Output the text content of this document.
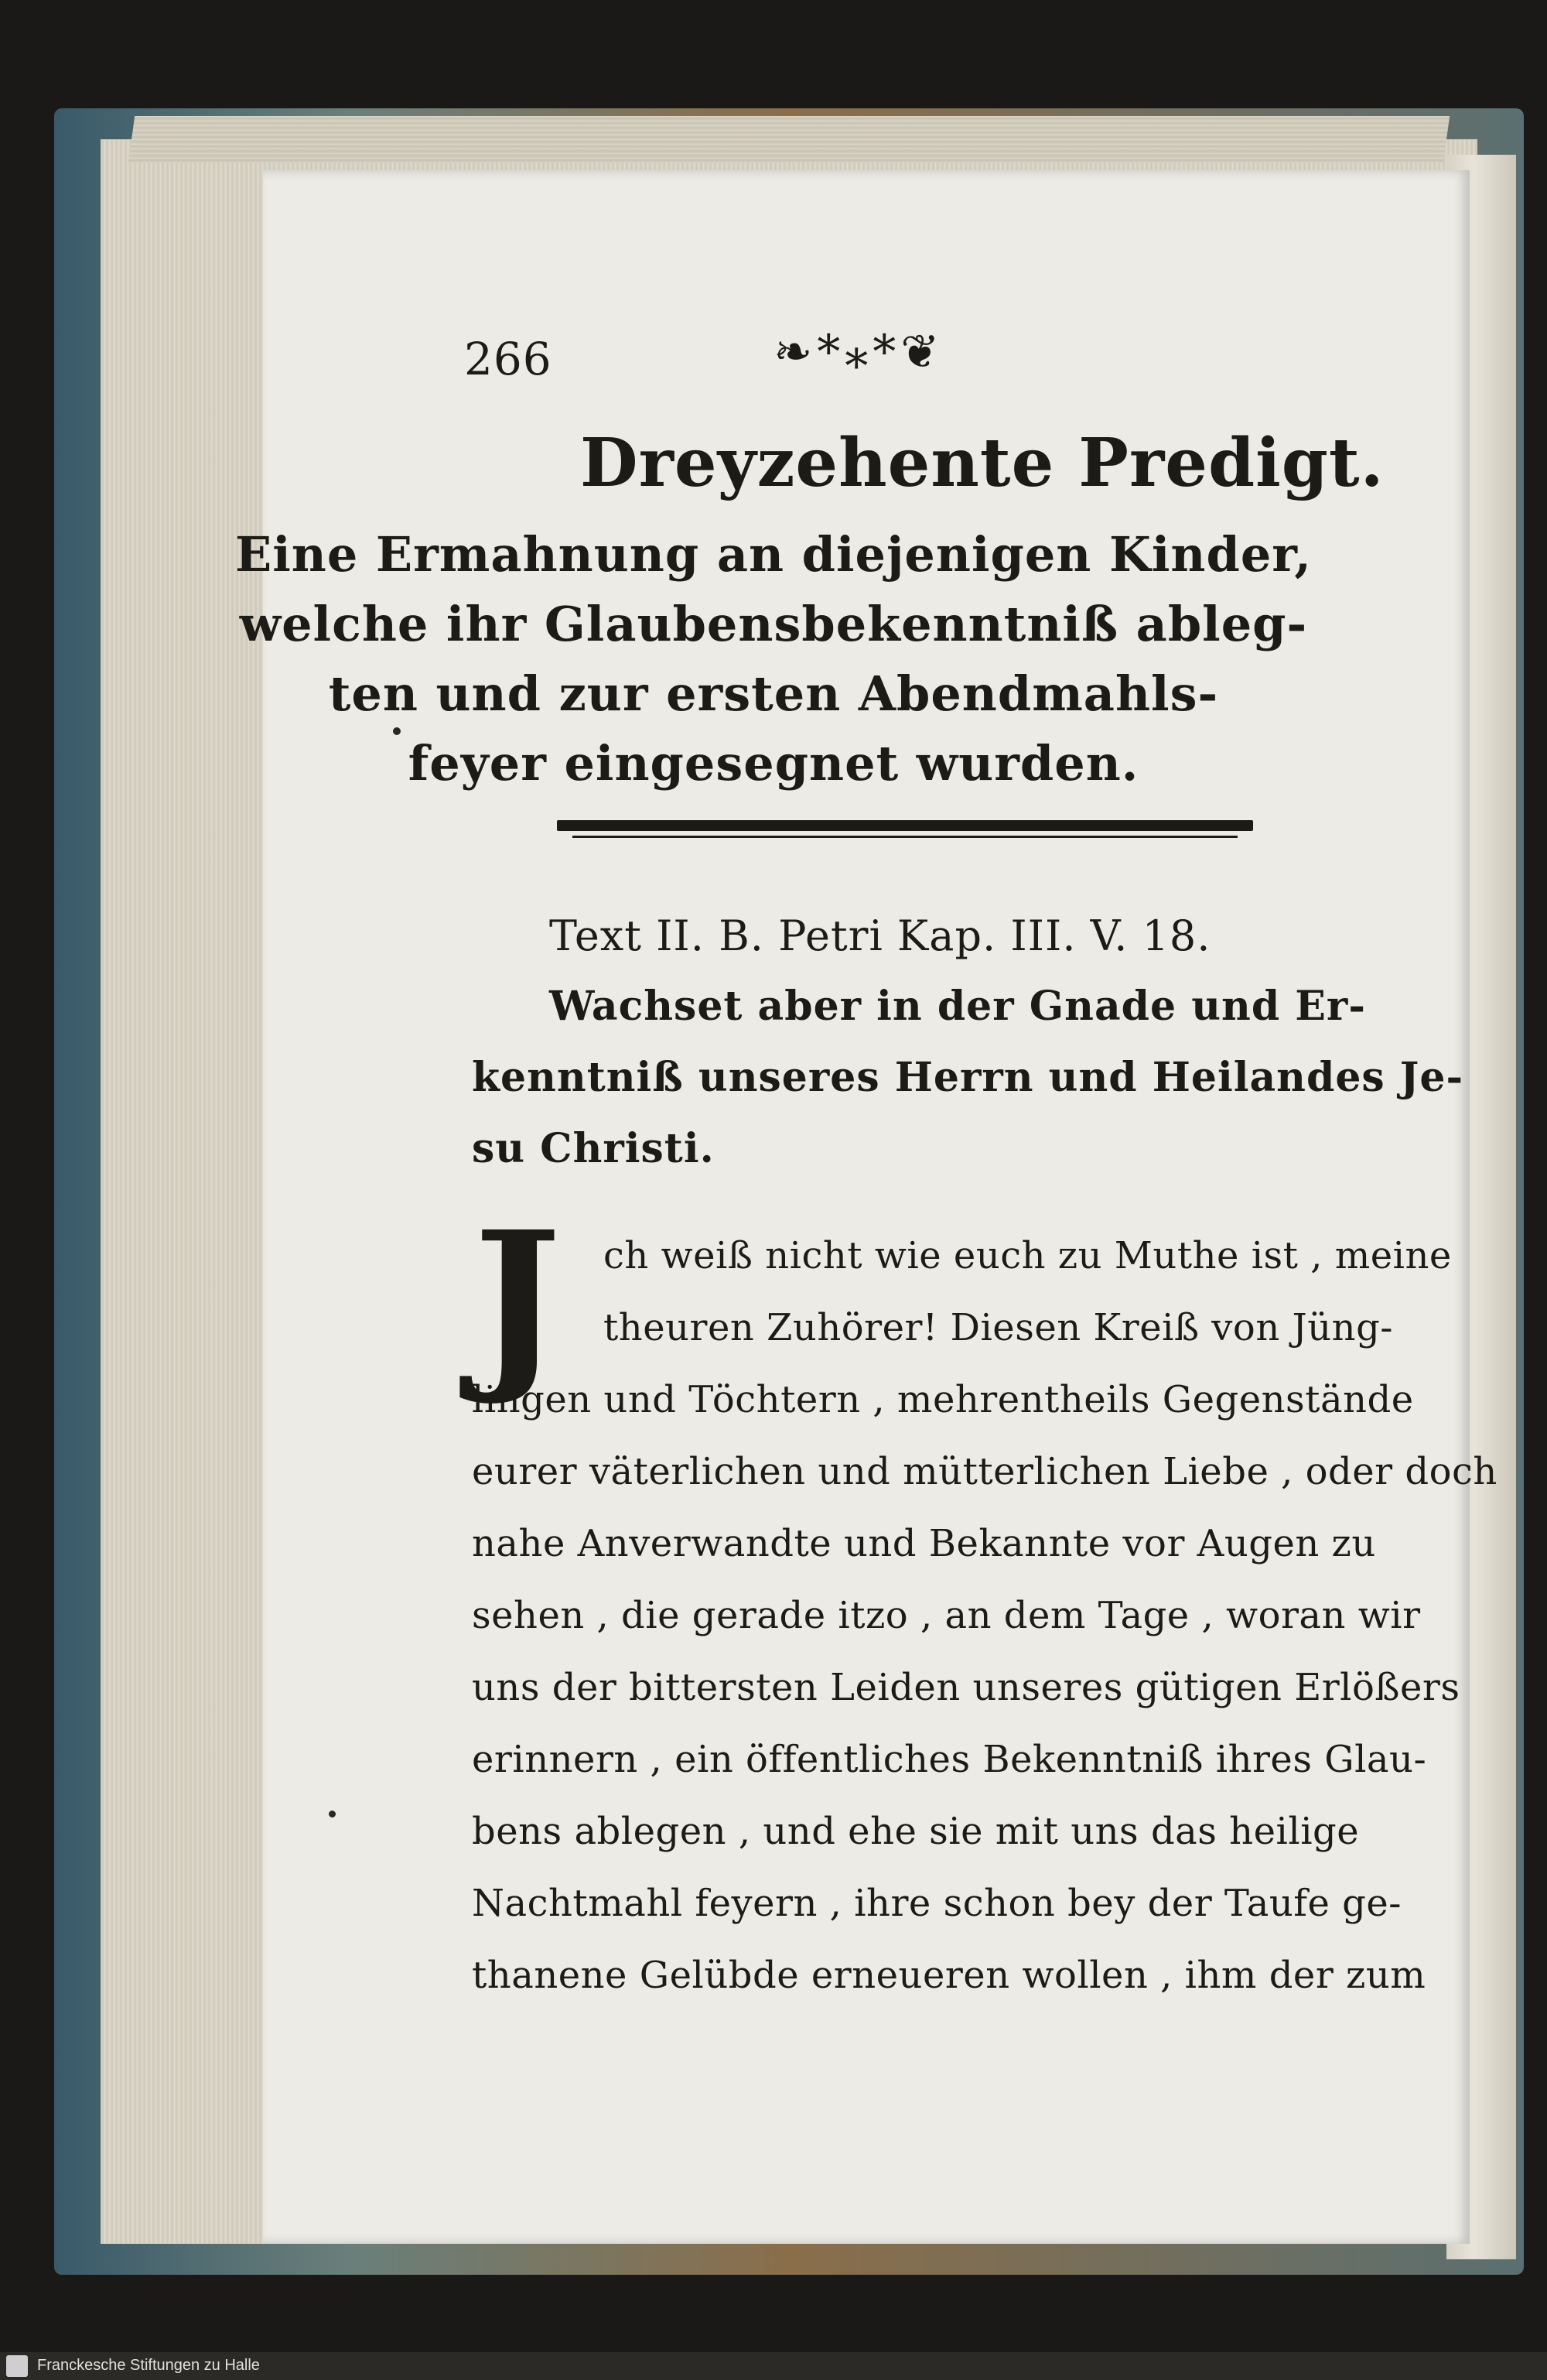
266	❧*⁎*❦
Dreyzehente Predigt.
Eine Ermahnung an diejenigen Kinder,
welche ihr Glaubensbekenntniß ableg-
ten und zur ersten Abendmahls-
feyer eingesegnet wurden.
Text II. B. Petri Kap. III. V. 18.
Wachset aber in der Gnade und Er-
kenntniß unseres Herrn und Heilandes Je-
su Christi.
J ch weiß nicht wie euch zu Muthe ist , meine
theuren Zuhörer! Diesen Kreiß von Jüng-
lingen und Töchtern , mehrentheils Gegenstände
eurer väterlichen und mütterlichen Liebe , oder doch
nahe Anverwandte und Bekannte vor Augen zu
sehen , die gerade itzo , an dem Tage , woran wir
uns der bittersten Leiden unseres gütigen Erlößers
erinnern , ein öffentliches Bekenntniß ihres Glau-
bens ablegen , und ehe sie mit uns das heilige
Nachtmahl feyern , ihre schon bey der Taufe ge-
thanene Gelübde erneueren wollen , ihm der zum
Franckesche Stiftungen zu Halle
